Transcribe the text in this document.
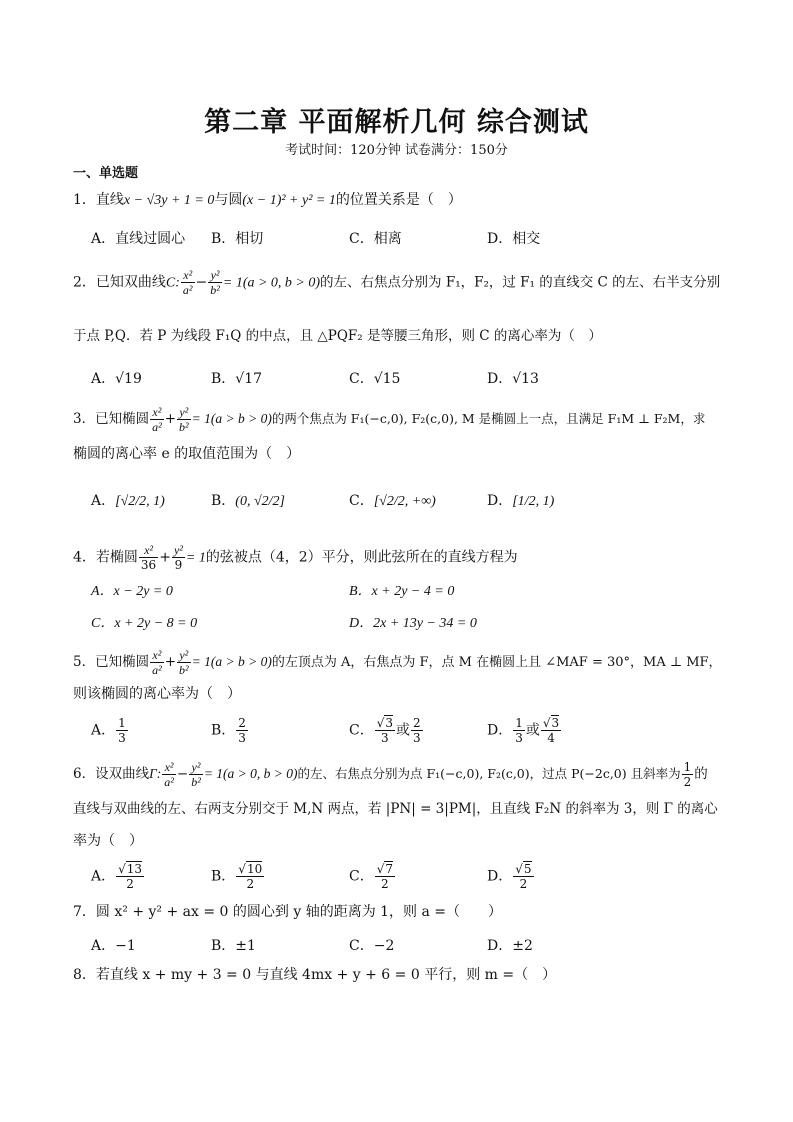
第二章 平面解析几何 综合测试
考试时间：120分钟 试卷满分：150分
一、单选题
1．直线x − √3y + 1 = 0与圆(x − 1)² + y² = 1的位置关系是（　）
A．直线过圆心 B．相切	C．相离	D．相交
2．已知双曲线C: $\frac{\text{x²}}{\text{a²}} - \frac{\text{y²}}{\text{b²}} = 1(a > 0$, b > 0)的左、右焦点分别为 F₁，F₂，过 F₁ 的直线交 C 的左、右半支分别
于点 P,Q．若 P 为线段 F₁Q 的中点，且 △PQF₂ 是等腰三角形，则 C 的离心率为（　）
A．√19	B．√17	C．√15	D．√13
3．已知椭圆 $\frac{\text{x²}}{\text{a²}} + \frac{\text{y²}}{\text{b²}} = 1(a > b > 0)$的两个焦点为 F₁(−c,0), F₂(c,0), M 是椭圆上一点，且满足 F₁M ⊥ F₂M，求
椭圆的离心率 e 的取值范围为（　）
A．[√2/2, 1)	B．(0, √2/2]	C．[√2/2, +∞)	D．[1/2, 1)
4．若椭圆 $\frac{\text{x²}}{36} + \frac{\text{y²}}{9} = 1$的弦被点（4，2）平分，则此弦所在的直线方程为
A．x − 2y = 0	B．x + 2y − 4 = 0
C．x + 2y − 8 = 0	D．2x + 13y − 34 = 0
5．已知椭圆 $\frac{\text{x²}}{\text{a²}} + \frac{\text{y²}}{\text{b²}} = 1(a > b > 0)$的左顶点为 A，右焦点为 F，点 M 在椭圆上且 ∠MAF = 30°，MA ⊥ MF，
则该椭圆的离心率为（　）
A． $\frac{1}{3}$	B． $\frac{2}{3}$	C． $\frac{√3}{3}$ 或 $\frac{2}{3}$	D． $\frac{1}{3}$ 或 $\frac{√3}{4}$
6．设双曲线Γ: $\frac{\text{x²}}{\text{a²}} - \frac{\text{y²}}{\text{b²}} = 1(a > 0$, b > 0)的左、右焦点分别为点 F₁(−c,0), F₂(c,0)，过点 P(−2c,0) 且斜率为 $\frac{1}{2}$ 的
直线与双曲线的左、右两支分别交于 M,N 两点，若 |PN| = 3|PM|，且直线 F₂N 的斜率为 3，则 Γ 的离心
率为（　）
A． $\frac{√13}{2}$	B． $\frac{√10}{2}$	C． $\frac{√7}{2}$	D． $\frac{√5}{2}$
7．圆 x² + y² + ax = 0 的圆心到 y 轴的距离为 1，则 a =（　　）
A．−1	B．±1	C．−2	D．±2
8．若直线 x + my + 3 = 0 与直线 4mx + y + 6 = 0 平行，则 m =（　）
